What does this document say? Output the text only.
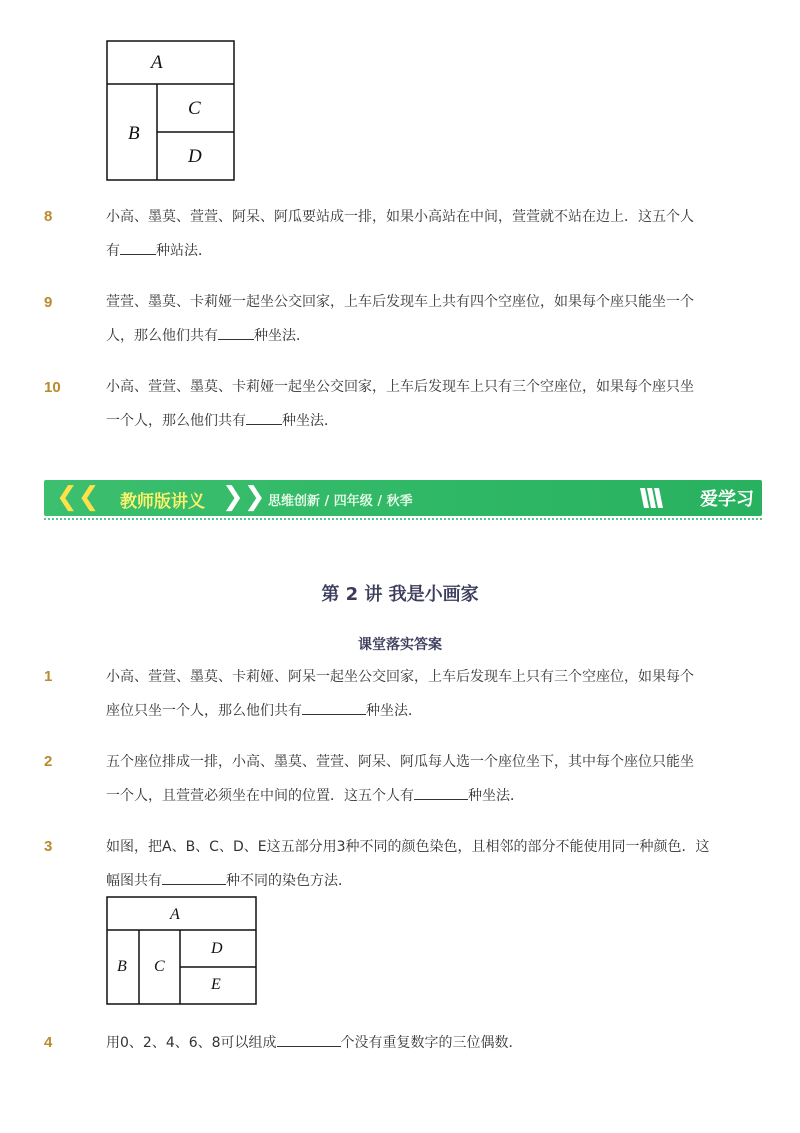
A
B
C
D
8	小高、墨莫、萱萱、阿呆、阿瓜要站成一排，如果小高站在中间，萱萱就不站在边上．这五个人
有	种站法．
9	萱萱、墨莫、卡莉娅一起坐公交回家，上车后发现车上共有四个空座位，如果每个座只能坐一个
人，那么他们共有	种坐法．
10	小高、萱萱、墨莫、卡莉娅一起坐公交回家，上车后发现车上只有三个空座位，如果每个座只坐
一个人，那么他们共有	种坐法．
❮❮ 教师版讲义 ❯❯ 思维创新 / 四年级 / 秋季	爱学习
第 2 讲 我是小画家
课堂落实答案
1	小高、萱萱、墨莫、卡莉娅、阿呆一起坐公交回家，上车后发现车上只有三个空座位，如果每个
座位只坐一个人，那么他们共有	种坐法．
2	五个座位排成一排，小高、墨莫、萱萱、阿呆、阿瓜每人选一个座位坐下，其中每个座位只能坐
一个人，且萱萱必须坐在中间的位置．这五个人有	种坐法．
3	如图，把A、B、C、D、E这五部分用3种不同的颜色染色，且相邻的部分不能使用同一种颜色．这
幅图共有	种不同的染色方法．
A
B C
D
E
4	用0、2、4、6、8可以组成	个没有重复数字的三位偶数．
